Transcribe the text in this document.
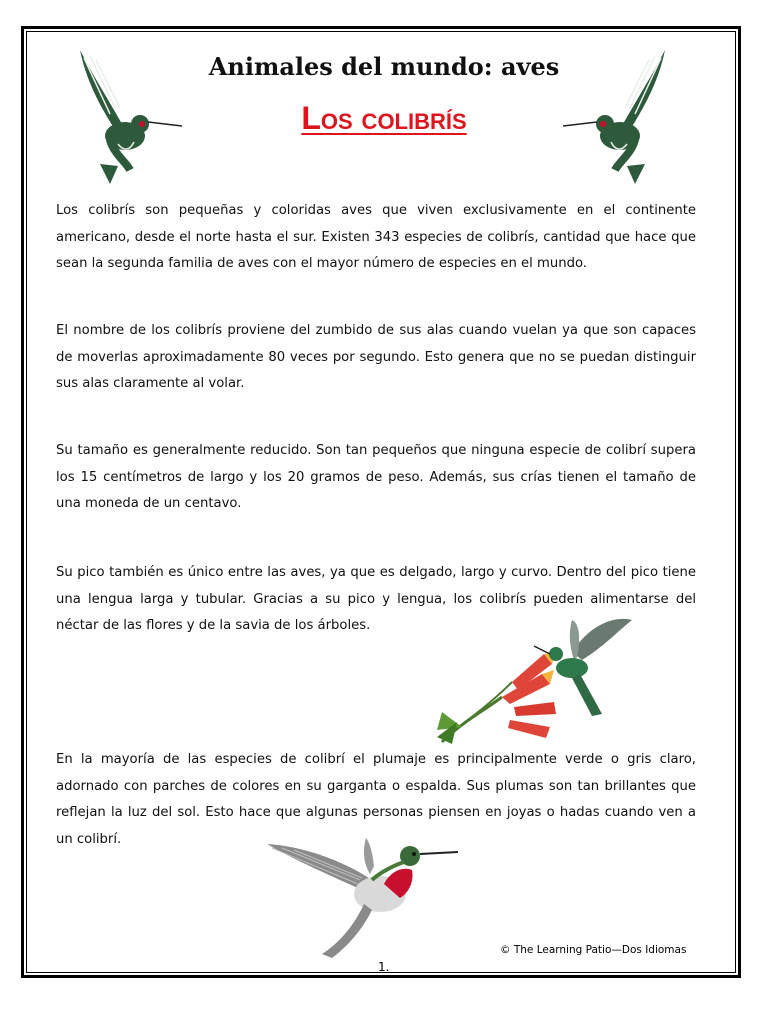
Animales del mundo: aves
Los colibrís

Los colibrís son pequeñas y coloridas aves que viven exclusivamente en el continente americano, desde el norte hasta el sur. Existen 343 especies de colibrís, cantidad que hace que sean la segunda familia de aves con el mayor número de especies en el mundo.

El nombre de los colibrís proviene del zumbido de sus alas cuando vuelan ya que son capaces de moverlas aproximadamente 80 veces por segundo. Esto genera que no se puedan distinguir sus alas claramente al volar.

Su tamaño es generalmente reducido. Son tan pequeños que ninguna especie de colibrí supera los 15 centímetros de largo y los 20 gramos de peso. Además, sus crías tienen el tamaño de una moneda de un centavo.

Su pico también es único entre las aves, ya que es delgado, largo y curvo. Dentro del pico tiene una lengua larga y tubular. Gracias a su pico y lengua, los colibrís pueden alimentarse del néctar de las flores y de la savia de los árboles.

En la mayoría de las especies de colibrí el plumaje es principalmente verde o gris claro, adornado con parches de colores en su garganta o espalda. Sus plumas son tan brillantes que reflejan la luz del sol. Esto hace que algunas personas piensen en joyas o hadas cuando ven a un colibrí.

© The Learning Patio—Dos Idiomas
1.
